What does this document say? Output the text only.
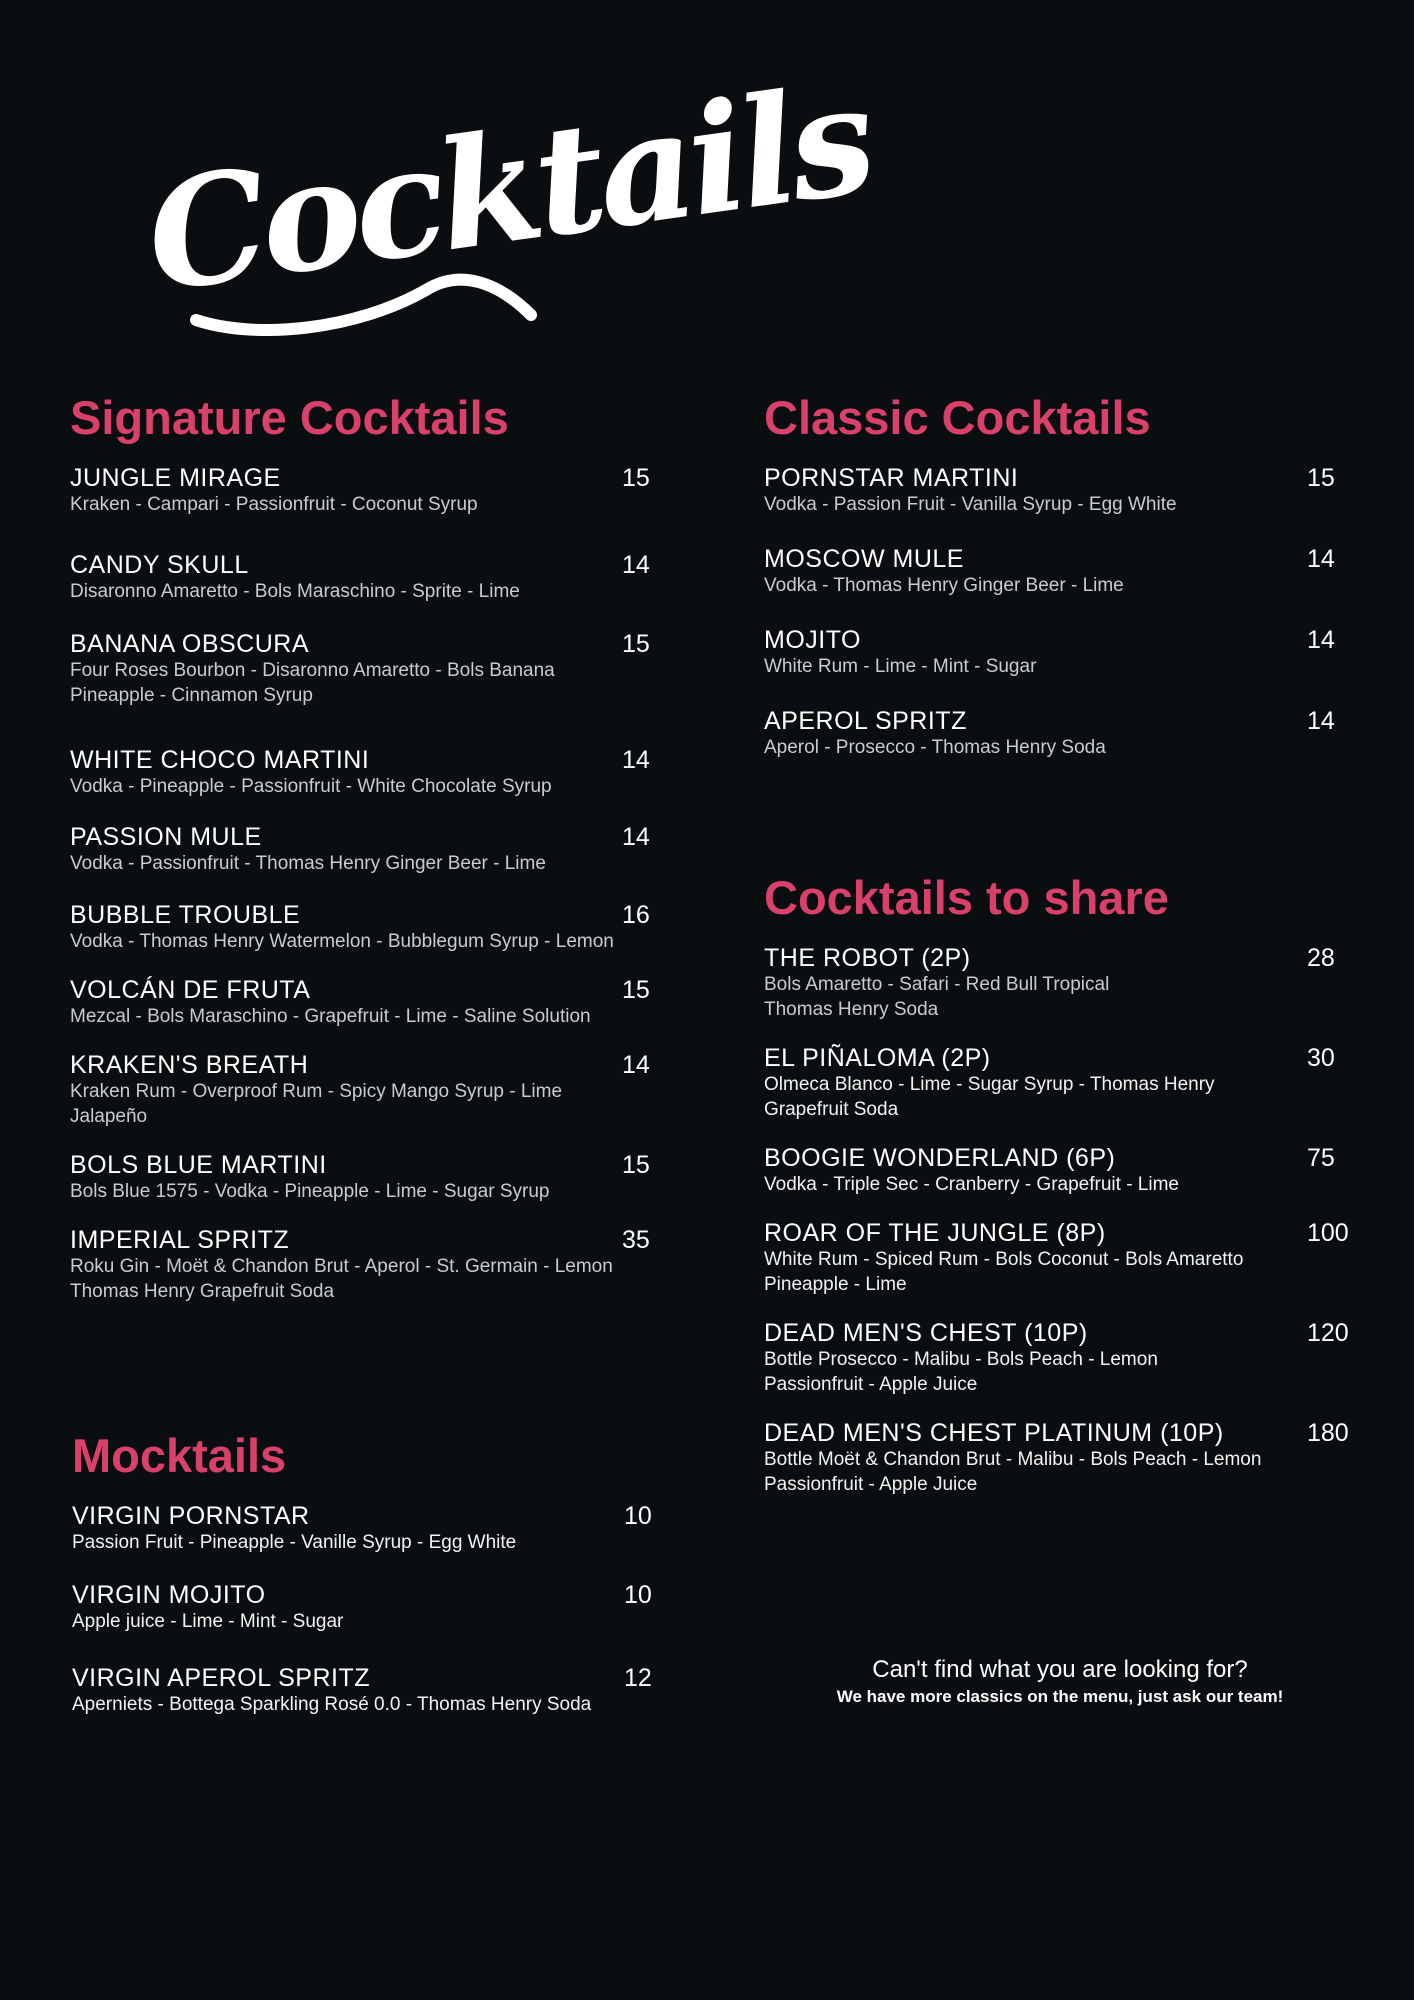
Cocktails
Signature Cocktails
JUNGLE MIRAGE
Kraken - Campari - Passionfruit - Coconut Syrup
15
CANDY SKULL
Disaronno Amaretto - Bols Maraschino - Sprite - Lime
14
BANANA OBSCURA
Four Roses Bourbon - Disaronno Amaretto - Bols Banana
Pineapple - Cinnamon Syrup
15
WHITE CHOCO MARTINI
Vodka - Pineapple - Passionfruit - White Chocolate Syrup
14
PASSION MULE
Vodka - Passionfruit - Thomas Henry Ginger Beer - Lime
14
BUBBLE TROUBLE
Vodka - Thomas Henry Watermelon - Bubblegum Syrup - Lemon
16
VOLCÁN DE FRUTA
Mezcal - Bols Maraschino - Grapefruit - Lime - Saline Solution
15
KRAKEN'S BREATH
Kraken Rum - Overproof Rum - Spicy Mango Syrup - Lime
Jalapeño
14
BOLS BLUE MARTINI
Bols Blue 1575 - Vodka - Pineapple - Lime - Sugar Syrup
15
IMPERIAL SPRITZ
Roku Gin - Moët & Chandon Brut - Aperol - St. Germain - Lemon
Thomas Henry Grapefruit Soda
35
Mocktails
VIRGIN PORNSTAR
Passion Fruit - Pineapple - Vanille Syrup - Egg White
10
VIRGIN MOJITO
Apple juice - Lime - Mint - Sugar
10
VIRGIN APEROL SPRITZ
Aperniets - Bottega Sparkling Rosé 0.0 - Thomas Henry Soda
12
Classic Cocktails
PORNSTAR MARTINI
Vodka - Passion Fruit - Vanilla Syrup - Egg White
15
MOSCOW MULE
Vodka - Thomas Henry Ginger Beer - Lime
14
MOJITO
White Rum - Lime - Mint - Sugar
14
APEROL SPRITZ
Aperol - Prosecco - Thomas Henry Soda
14
Cocktails to share
THE ROBOT (2P)
Bols Amaretto - Safari - Red Bull Tropical
Thomas Henry Soda
28
EL PIÑALOMA (2P)
Olmeca Blanco - Lime - Sugar Syrup - Thomas Henry
Grapefruit Soda
30
BOOGIE WONDERLAND (6P)
Vodka - Triple Sec - Cranberry - Grapefruit - Lime
75
ROAR OF THE JUNGLE (8P)
White Rum - Spiced Rum - Bols Coconut - Bols Amaretto
Pineapple - Lime
100
DEAD MEN'S CHEST (10P)
Bottle Prosecco - Malibu - Bols Peach - Lemon
Passionfruit - Apple Juice
120
DEAD MEN'S CHEST PLATINUM (10P)
Bottle Moët & Chandon Brut - Malibu - Bols Peach - Lemon
Passionfruit - Apple Juice
180
Can't find what you are looking for?
We have more classics on the menu, just ask our team!
